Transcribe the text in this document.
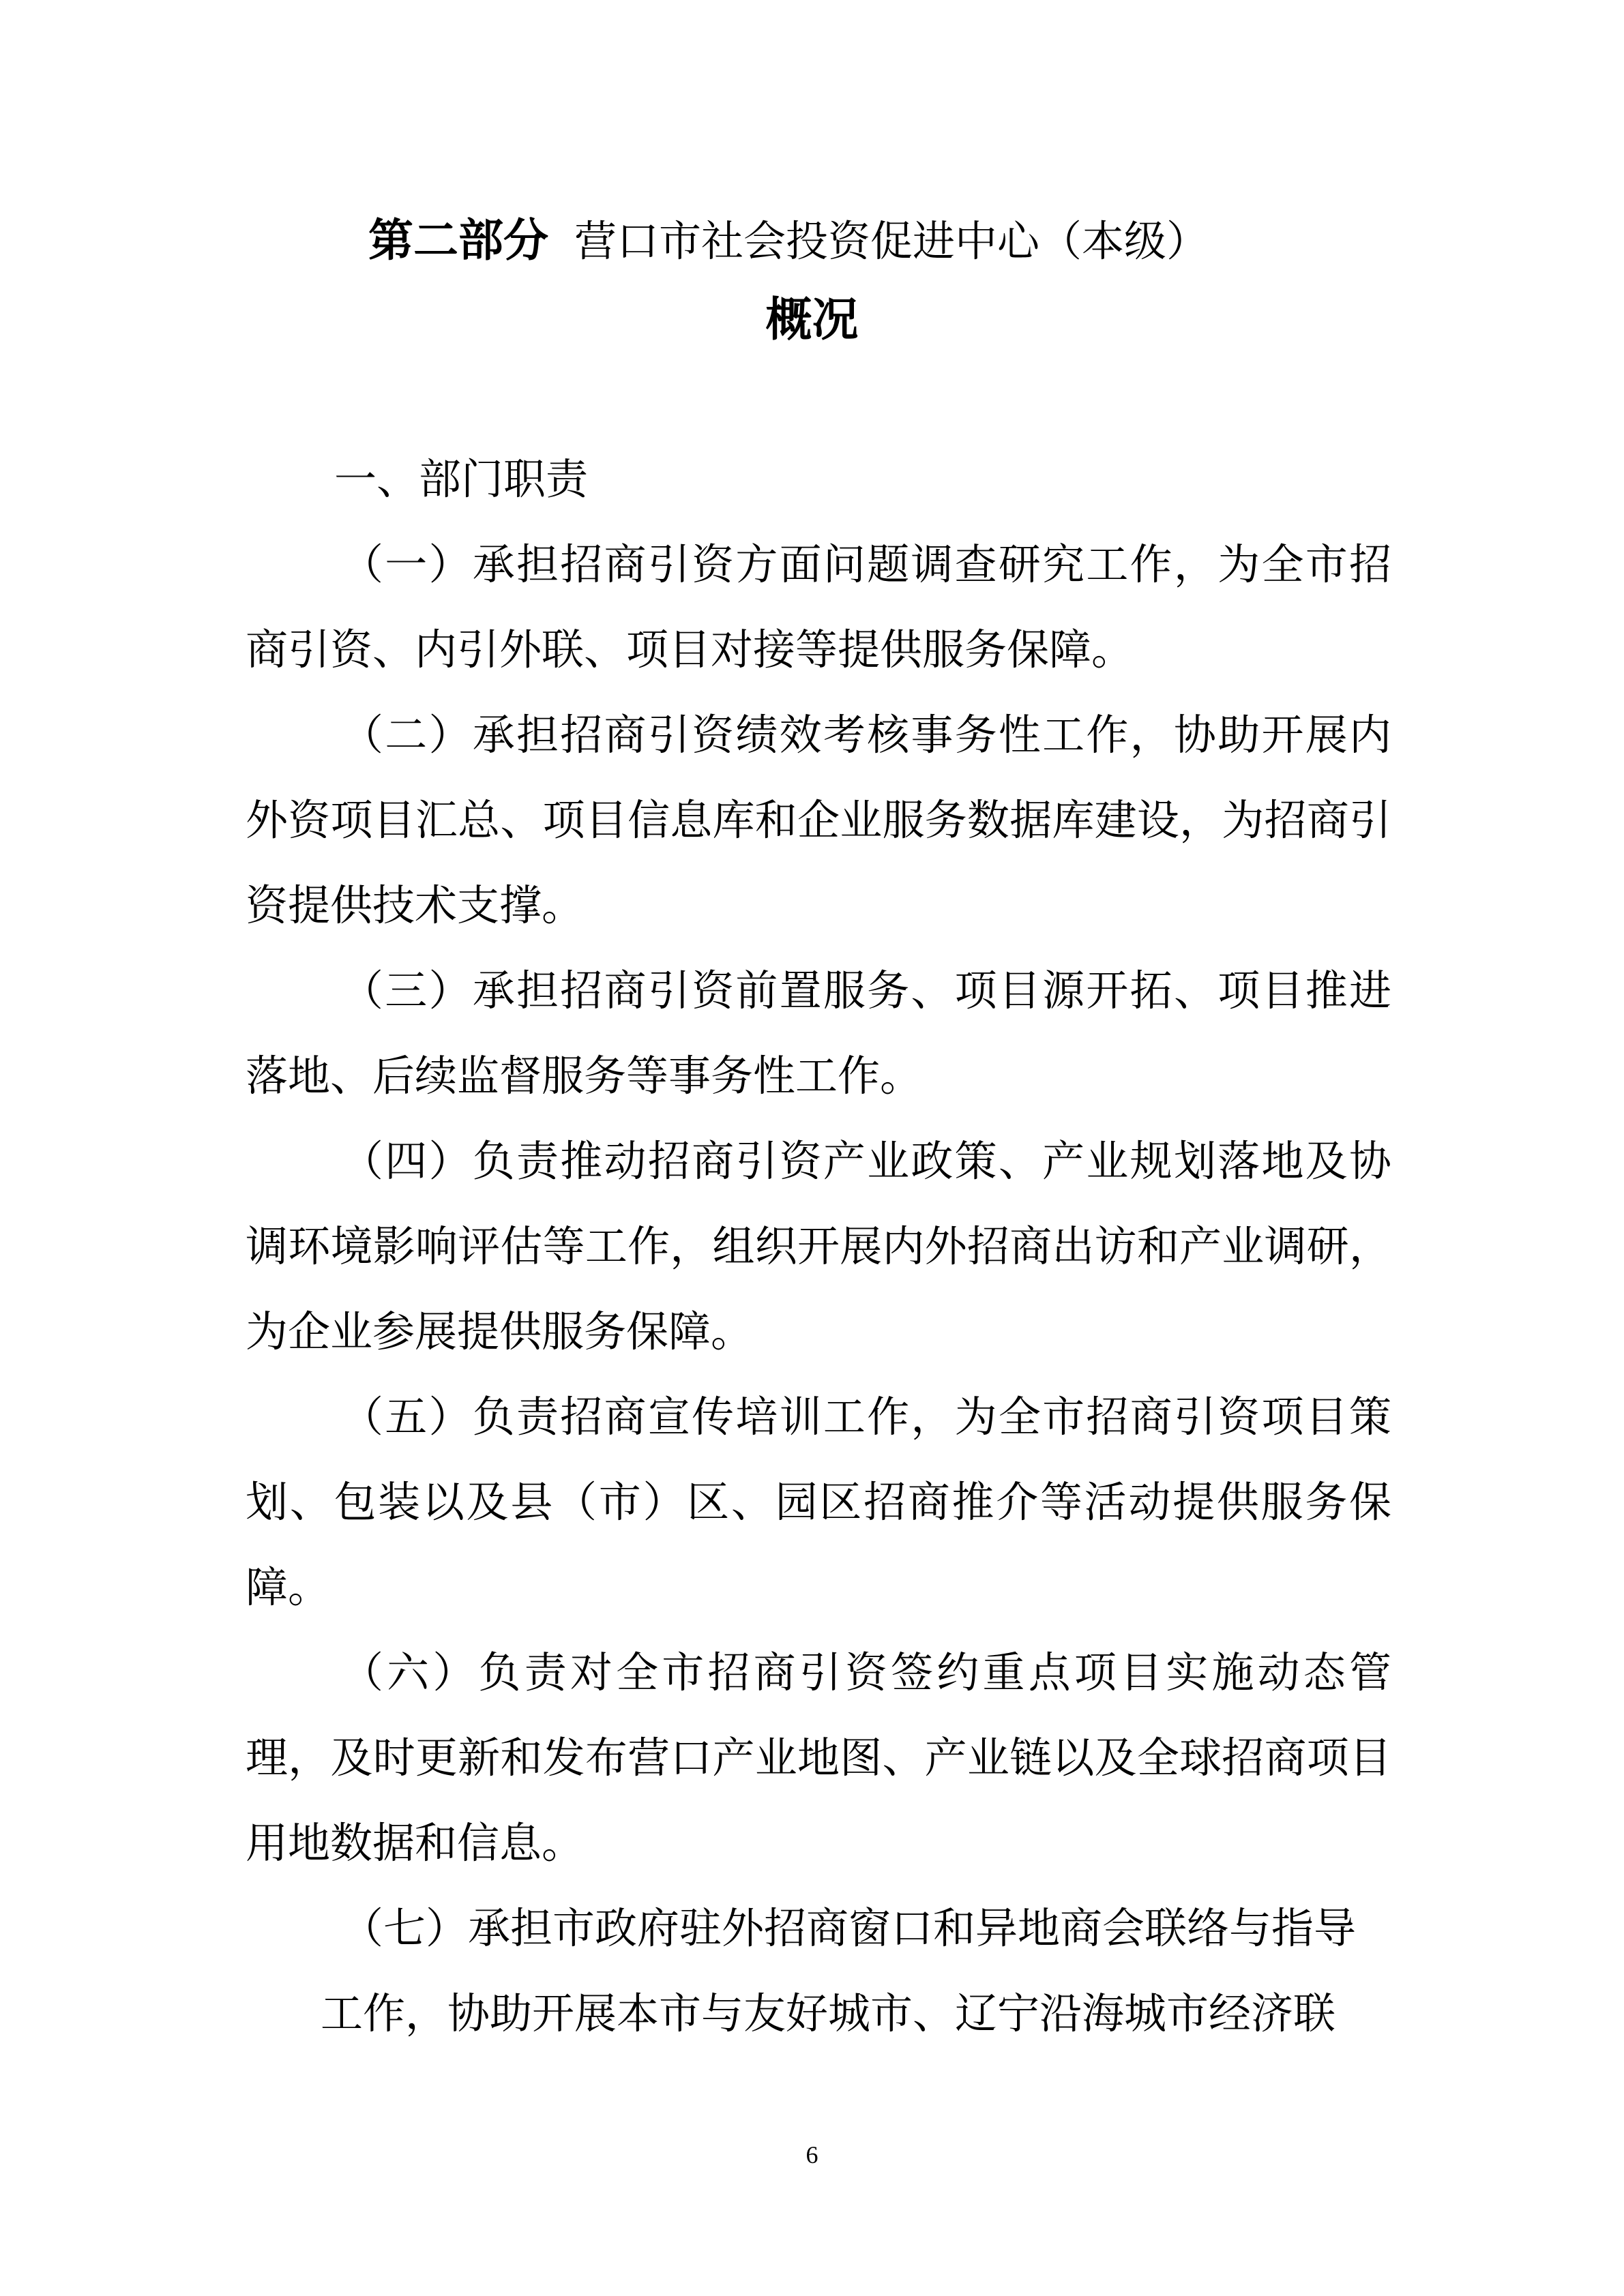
第二部分 营口市社会投资促进中心（本级）
概况

一、部门职责

（一）承担招商引资方面问题调查研究工作，为全市招商引资、内引外联、项目对接等提供服务保障。

（二）承担招商引资绩效考核事务性工作，协助开展内外资项目汇总、项目信息库和企业服务数据库建设，为招商引资提供技术支撑。

（三）承担招商引资前置服务、项目源开拓、项目推进落地、后续监督服务等事务性工作。

（四）负责推动招商引资产业政策、产业规划落地及协调环境影响评估等工作，组织开展内外招商出访和产业调研，为企业参展提供服务保障。

（五）负责招商宣传培训工作，为全市招商引资项目策划、包装以及县（市）区、园区招商推介等活动提供服务保障。

（六）负责对全市招商引资签约重点项目实施动态管理，及时更新和发布营口产业地图、产业链以及全球招商项目用地数据和信息。

（七）承担市政府驻外招商窗口和异地商会联络与指导

工作，协助开展本市与友好城市、辽宁沿海城市经济联

6
